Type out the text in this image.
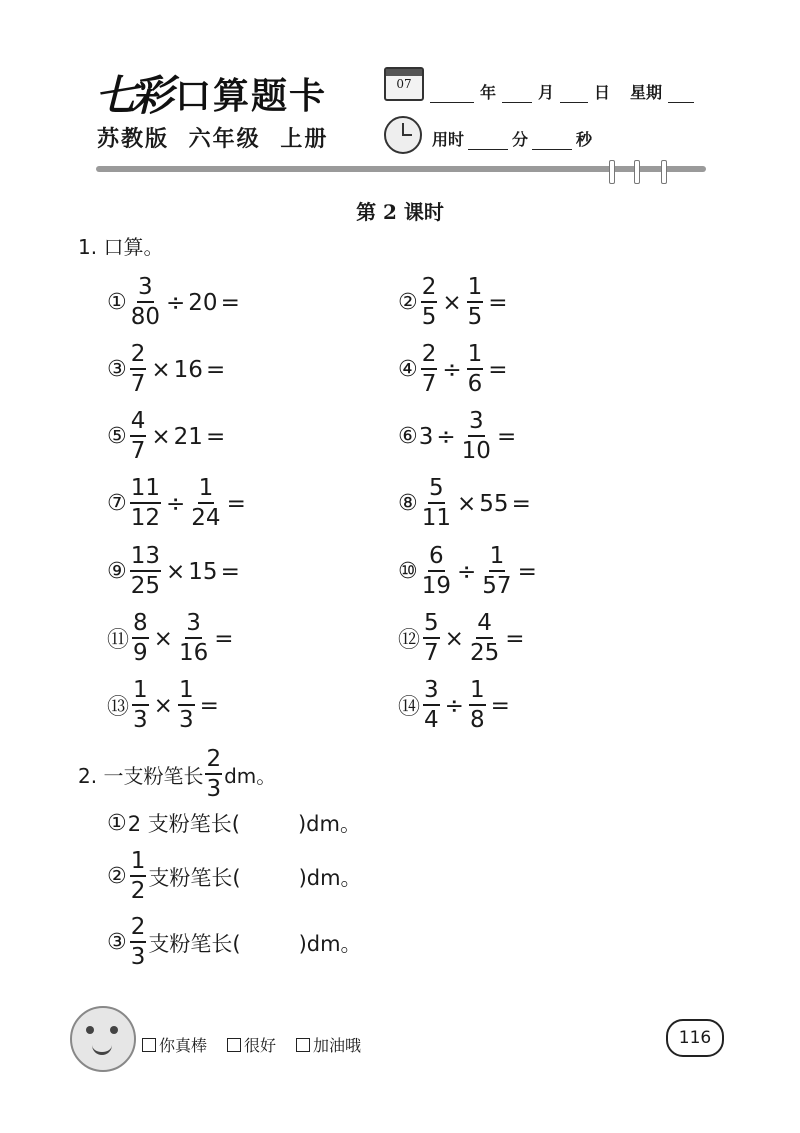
七彩 口算题卡
苏教版 六年级 上册
07	年	月	日 星期
用时	分	秒
第 2 课时
1. 口算。
① $\frac{3}{80} \div 20$ =	② $\frac{2}{5} \times \frac{1}{5}$ =
③ $\frac{2}{7} \times 16$ =	④ $\frac{2}{7} \div \frac{1}{6}$ =
⑤ $\frac{4}{7} \times 21$ =	⑥ $3 \div \frac{3}{10}$ =
⑦ $\frac{11}{12} \div \frac{1}{24}$ =	⑧ $\frac{5}{11} \times 55$ =
⑨ $\frac{13}{25} \times 15$ =	⑩ $\frac{6}{19} \div \frac{1}{57}$ =
⑪ $\frac{8}{9} \times \frac{3}{16}$ =	⑫ $\frac{5}{7} \times \frac{4}{25}$ =
⑬ $\frac{1}{3} \times \frac{1}{3}$ =	⑭ $\frac{3}{4} \div \frac{1}{8}$ =
2. 一支粉笔长 $\frac{2}{3}$ dm。
① 2 支粉笔长(	)dm。
② $\frac{1}{2}$ 支粉笔长(	)dm。
③ $\frac{2}{3}$ 支粉笔长(	)dm。
你真棒	很好	加油哦	116
